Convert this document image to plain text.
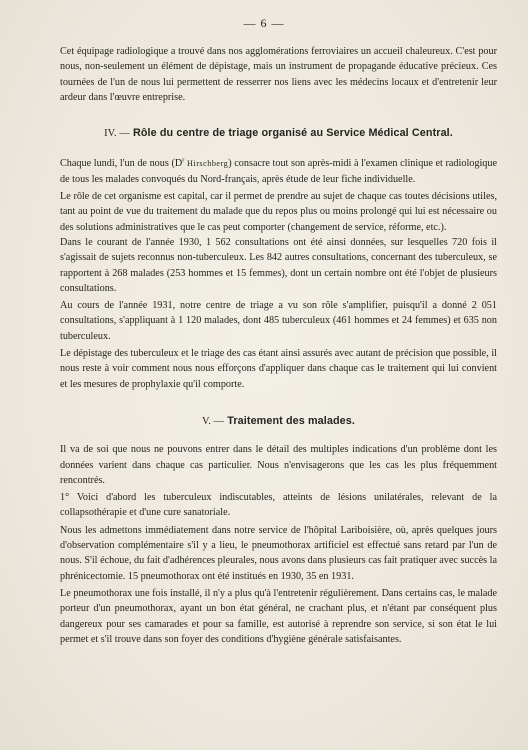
— 6 —

Cet équipage radiologique a trouvé dans nos agglomérations ferroviaires un accueil chaleureux. C'est pour nous, non-seulement un élément de dépistage, mais un instrument de propagande éducative précieux. Ces tournées de l'un de nous lui permettent de resserrer nos liens avec les médecins locaux et d'entretenir leur ardeur dans l'œuvre entreprise.

IV. — Rôle du centre de triage organisé au Service Médical Central.

Chaque lundi, l'un de nous ($D^r$ Hirschberg) consacre tout son après-midi à l'examen clinique et radiologique de tous les malades convoqués du Nord-français, après étude de leur fiche individuelle.

Le rôle de cet organisme est capital, car il permet de prendre au sujet de chaque cas toutes décisions utiles, tant au point de vue du traitement du malade que du repos plus ou moins prolongé qui lui est nécessaire ou des solutions administratives que le cas peut comporter (changement de service, réforme, etc.).

Dans le courant de l'année 1930, 1 562 consultations ont été ainsi données, sur lesquelles 720 fois il s'agissait de sujets reconnus non-tuberculeux. Les 842 autres consultations, concernant des tuberculeux, se rapportent à 268 malades (253 hommes et 15 femmes), dont un certain nombre ont été l'objet de plusieurs consultations.

Au cours de l'année 1931, notre centre de triage a vu son rôle s'amplifier, puisqu'il a donné 2 051 consultations, s'appliquant à 1 120 malades, dont 485 tuberculeux (461 hommes et 24 femmes) et 635 non tuberculeux.

Le dépistage des tuberculeux et le triage des cas étant ainsi assurés avec autant de précision que possible, il nous reste à voir comment nous nous efforçons d'appliquer dans chaque cas le traitement qui lui convient et les mesures de prophylaxie qu'il comporte.

V. — Traitement des malades.

Il va de soi que nous ne pouvons entrer dans le détail des multiples indications d'un problème dont les données varient dans chaque cas particulier. Nous n'envisagerons que les cas les plus fréquemment rencontrés.

1° Voici d'abord les tuberculeux indiscutables, atteints de lésions unilatérales, relevant de la collapsothérapie et d'une cure sanatoriale.

Nous les admettons immédiatement dans notre service de l'hôpital Lariboisière, où, après quelques jours d'observation complémentaire s'il y a lieu, le pneumothorax artificiel est effectué sans retard par l'un de nous. S'il échoue, du fait d'adhérences pleurales, nous avons dans plusieurs cas fait pratiquer avec succès la phrénicectomie. 15 pneumothorax ont été institués en 1930, 35 en 1931.

Le pneumothorax une fois installé, il n'y a plus qu'à l'entretenir régulièrement. Dans certains cas, le malade porteur d'un pneumothorax, ayant un bon état général, ne crachant plus, et n'étant par conséquent plus dangereux pour ses camarades et pour sa famille, est autorisé à reprendre son service, si son état le lui permet et s'il trouve dans son foyer des conditions d'hygiène générale satisfaisantes.
